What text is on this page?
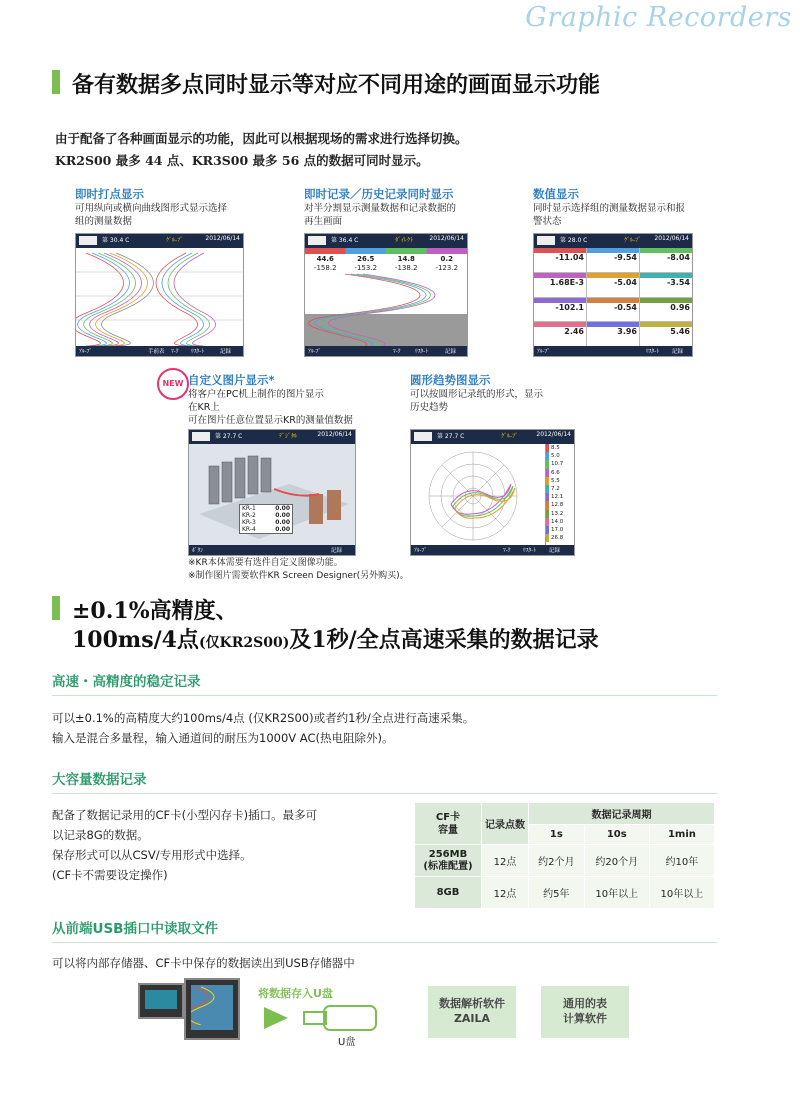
Graphic Recorders
备有数据多点同时显示等对应不同用途的画面显示功能
由于配备了各种画面显示的功能，因此可以根据现场的需求进行选择切换。
KR2S00 最多 44 点、KR3S00 最多 56 点的数据可同时显示。
即时打点显示
可用纵向或横向曲线图形式显示选择
组的测量数据
第 30.4 C	ｸﾞﾙ-ﾌﾟ	2012/06/14
ｱﾙ-ﾌﾟ	手前表 ﾏ-ｸ ﾘｽﾀ-ﾄ	記録
即时记录／历史记录同时显示
对半分割显示测量数据和记录数据的
再生画面
第 36.4 C	ﾀﾞｲﾚｸﾄ	2012/06/14
44.6	26.5	14.8	0.2
-158.2	-153.2	-138.2	-123.2
ｱﾙ-ﾌﾟ	ﾏ-ｸ	ﾘｽﾀ-ﾄ	記録
数值显示
同时显示选择组的测量数据显示和报
警状态
第 28.0 C	ｸﾞﾙ-ﾌﾟ 2012/06/14
-11.04	-9.54	-8.04
1.68E-3	-5.04	-3.54
-102.1	-0.54	0.96
2.46	3.96	5.46
ｱﾙ-ﾌﾟ	ﾘｽﾀ-ﾄ 記録
NEW 自定义图片显示*
将客户在PC机上制作的图片显示
在KR上
可在图片任意位置显示KR的测量值数据
第 27.7 C	ﾃﾞｼﾞﾀﾙ	2012/06/14
KR-1	0.00
KR-2	0.00
KR-3	0.00
KR-4	0.00
ﾎﾞﾀﾝ	記録
圆形趋势图显示
可以按圆形记录纸的形式，显示
历史趋势
第 27.7 C	ｸﾞﾙ-ﾌﾟ	2012/06/14
8.5
5.0
10.7
6.6
5.5
7.2
12.1
12.8
13.2
14.0
17.0
26.8
ｱﾙ-ﾌﾟ	ﾏ-ｸ ﾘｽﾀ-ﾄ 記録
※KR本体需要有选件自定义图像功能。
※制作图片需要软件KR Screen Designer(另外购买)。
±0.1%高精度、
100ms/4点(仅KR2S00)及1秒/全点高速采集的数据记录
高速・高精度的稳定记录
可以±0.1%的高精度大约100ms/4点 (仅KR2S00)或者约1秒/全点进行高速采集。
输入是混合多量程，输入通道间的耐压为1000V AC(热电阻除外)。
大容量数据记录
配备了数据记录用的CF卡(小型闪存卡)插口。最多可
以记录8G的数据。
保存形式可以从CSV/专用形式中选择。
(CF卡不需要设定操作)
CF卡
容量	记录点数	数据记录周期		
		1s	10s	1min

256MB
(标准配置)	12点	约2个月	约20个月	约10年
8GB	12点	约5年	10年以上	10年以上
从前端USB插口中读取文件
可以将内部存储器、CF卡中保存的数据读出到USB存储器中
将数据存入U盘
U盘
数据解析软件
ZAILA
通用的表
计算软件
